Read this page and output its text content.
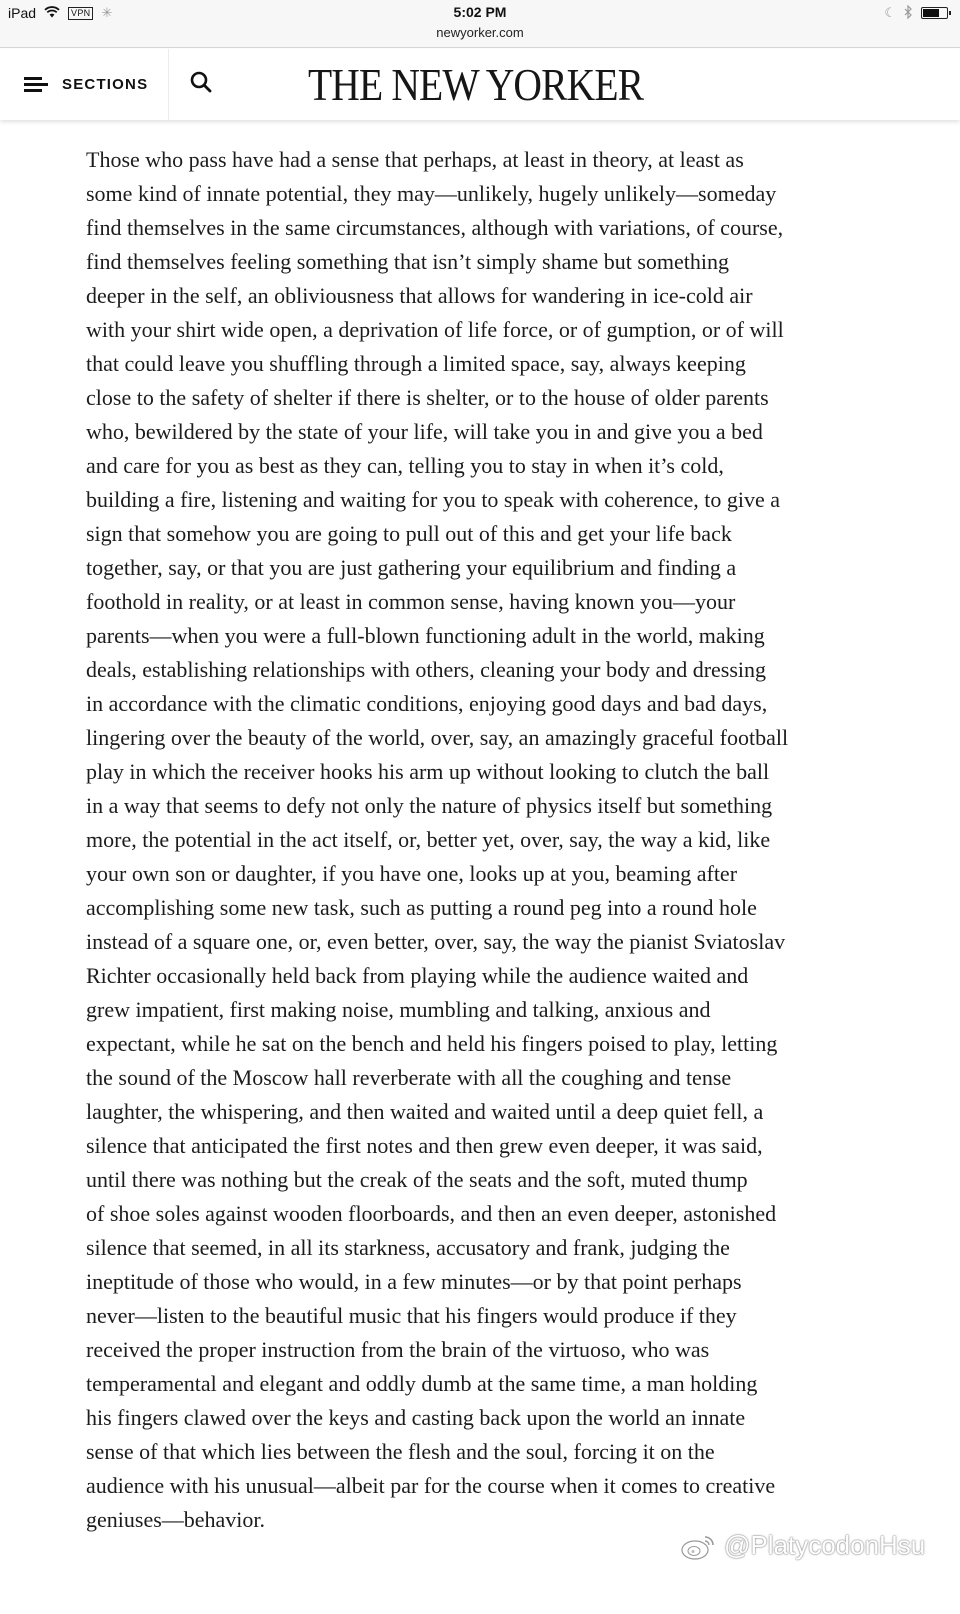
iPad	VPN ✳	5:02 PM
newyorker.com
☾
SECTIONS	THE NEW YORKER
Those who pass have had a sense that perhaps, at least in theory, at least as
some kind of innate potential, they may—unlikely, hugely unlikely—someday
find themselves in the same circumstances, although with variations, of course,
find themselves feeling something that isn’t simply shame but something
deeper in the self, an obliviousness that allows for wandering in ice-cold air
with your shirt wide open, a deprivation of life force, or of gumption, or of will
that could leave you shuffling through a limited space, say, always keeping
close to the safety of shelter if there is shelter, or to the house of older parents
who, bewildered by the state of your life, will take you in and give you a bed
and care for you as best as they can, telling you to stay in when it’s cold,
building a fire, listening and waiting for you to speak with coherence, to give a
sign that somehow you are going to pull out of this and get your life back
together, say, or that you are just gathering your equilibrium and finding a
foothold in reality, or at least in common sense, having known you—your
parents—when you were a full-blown functioning adult in the world, making
deals, establishing relationships with others, cleaning your body and dressing
in accordance with the climatic conditions, enjoying good days and bad days,
lingering over the beauty of the world, over, say, an amazingly graceful football
play in which the receiver hooks his arm up without looking to clutch the ball
in a way that seems to defy not only the nature of physics itself but something
more, the potential in the act itself, or, better yet, over, say, the way a kid, like
your own son or daughter, if you have one, looks up at you, beaming after
accomplishing some new task, such as putting a round peg into a round hole
instead of a square one, or, even better, over, say, the way the pianist Sviatoslav
Richter occasionally held back from playing while the audience waited and
grew impatient, first making noise, mumbling and talking, anxious and
expectant, while he sat on the bench and held his fingers poised to play, letting
the sound of the Moscow hall reverberate with all the coughing and tense
laughter, the whispering, and then waited and waited until a deep quiet fell, a
silence that anticipated the first notes and then grew even deeper, it was said,
until there was nothing but the creak of the seats and the soft, muted thump
of shoe soles against wooden floorboards, and then an even deeper, astonished
silence that seemed, in all its starkness, accusatory and frank, judging the
ineptitude of those who would, in a few minutes—or by that point perhaps
never—listen to the beautiful music that his fingers would produce if they
received the proper instruction from the brain of the virtuoso, who was
temperamental and elegant and oddly dumb at the same time, a man holding
his fingers clawed over the keys and casting back upon the world an innate
sense of that which lies between the flesh and the soul, forcing it on the
audience with his unusual—albeit par for the course when it comes to creative
geniuses—behavior.
@PlatycodonHsu
